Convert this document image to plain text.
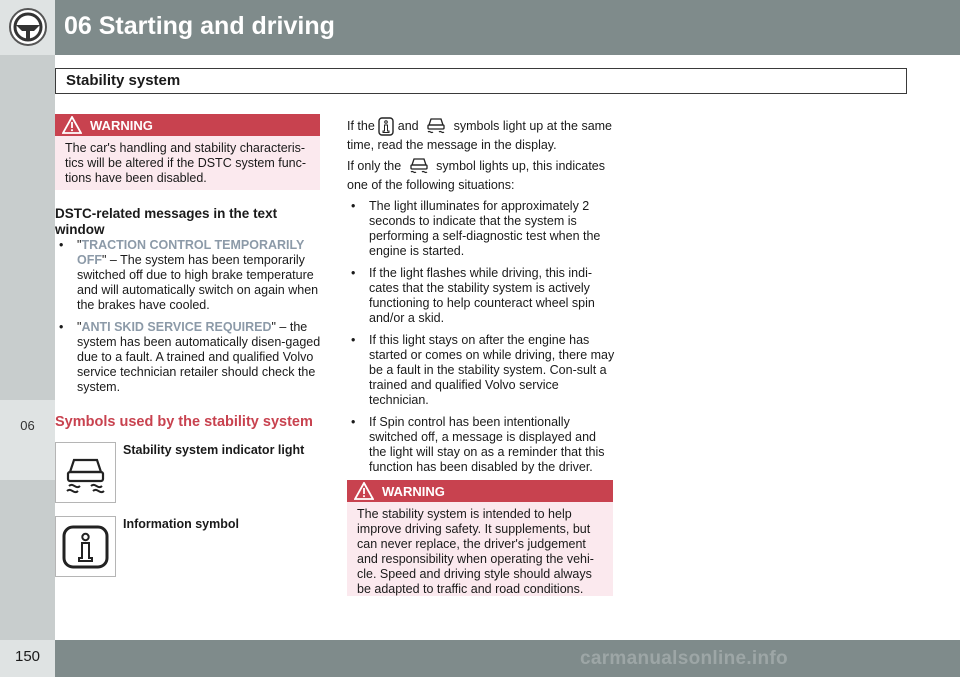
06 Starting and driving
06
Stability system
WARNING
The car's handling and stability characteris-tics will be altered if the DSTC system func-tions have been disabled.
DSTC-related messages in the text window
• "TRACTION CONTROL TEMPORARILY OFF" – The system has been temporarily switched off due to high brake temperature and will automatically switch on again when the brakes have cooled.
• "ANTI SKID SERVICE REQUIRED" – the system has been automatically disen-gaged due to a fault. A trained and qualified Volvo service technician retailer should check the system.
Symbols used by the stability system
Stability system indicator light
Information symbol
If the and	symbols light up at the same time, read the message in the display.
If only the	symbol lights up, this indicates one of the following situations:
• The light illuminates for approximately 2 seconds to indicate that the system is performing a self-diagnostic test when the engine is started.
• If the light flashes while driving, this indi-cates that the stability system is actively functioning to help counteract wheel spin and/or a skid.
• If this light stays on after the engine has started or comes on while driving, there may be a fault in the stability system. Con-sult a trained and qualified Volvo service technician.
• If Spin control has been intentionally switched off, a message is displayed and the light will stay on as a reminder that this function has been disabled by the driver.
WARNING
The stability system is intended to help improve driving safety. It supplements, but can never replace, the driver's judgement and responsibility when operating the vehi-cle. Speed and driving style should always be adapted to traffic and road conditions.
150	carmanualsonline.info
